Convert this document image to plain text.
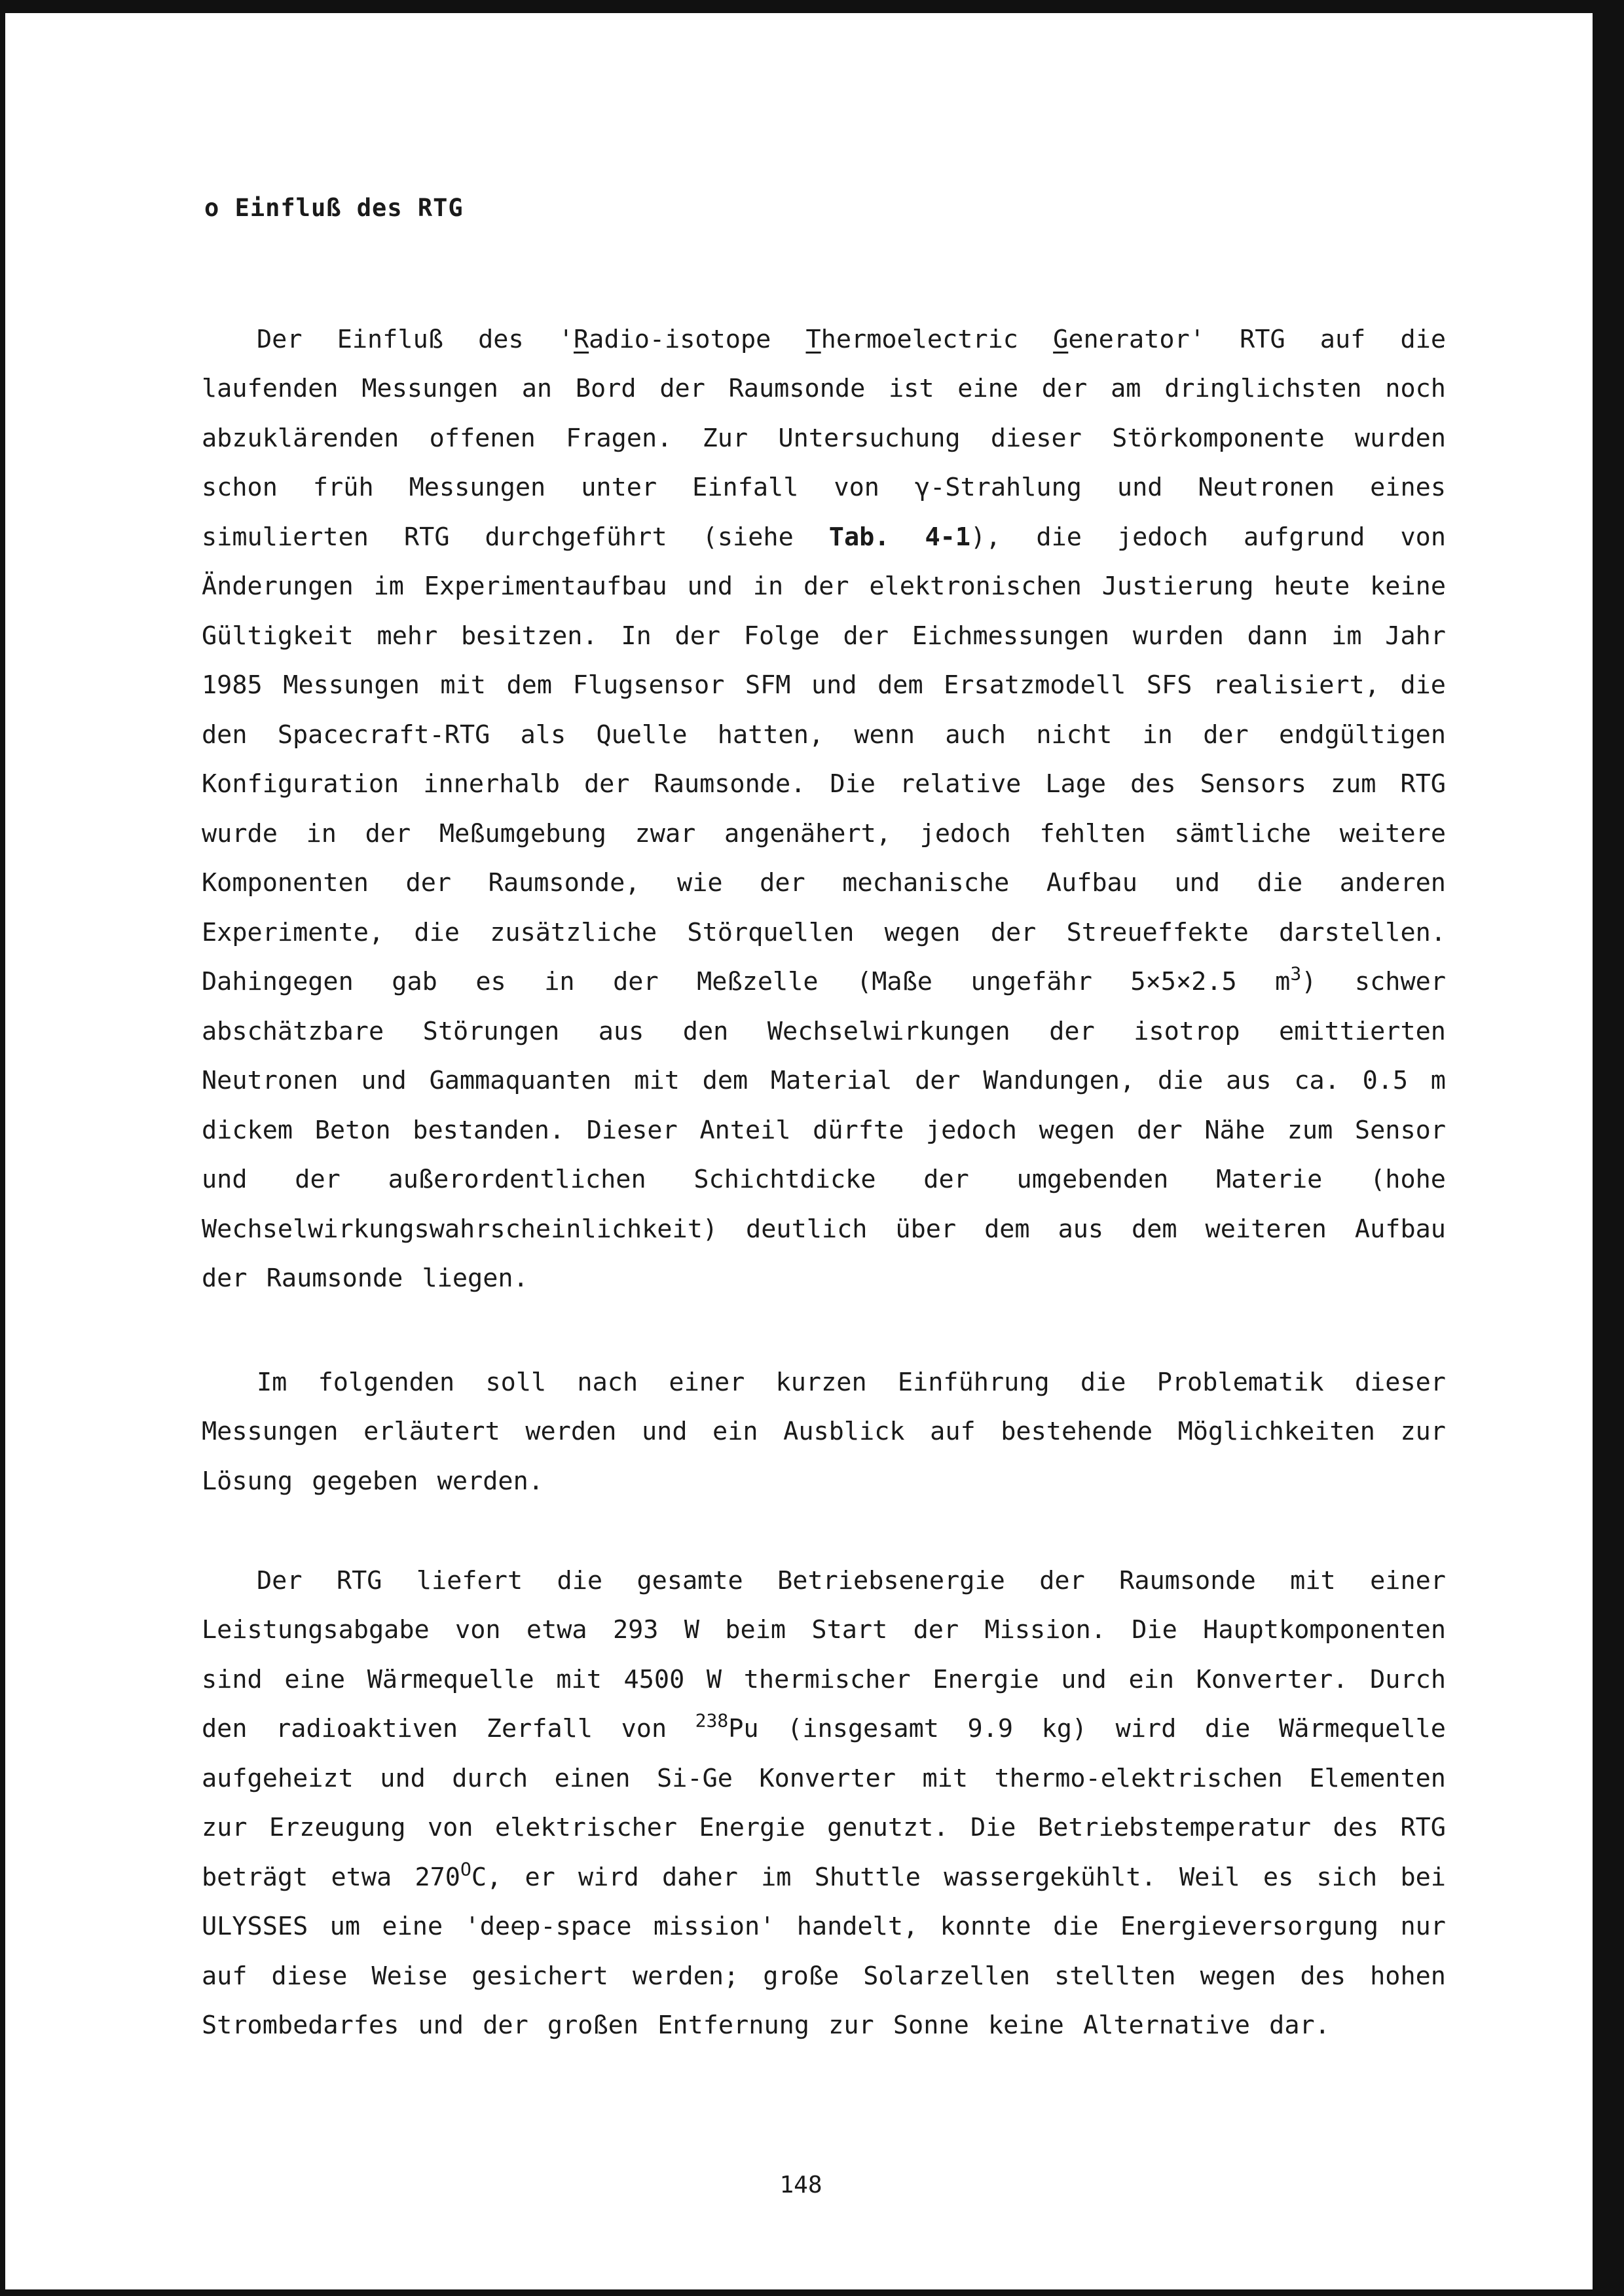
o Einfluß des RTG

Der Einfluß des 'Radio-isotope Thermoelectric Generator' RTG auf die laufenden Messungen an Bord der Raumsonde ist eine der am dringlichsten noch abzuklärenden offenen Fragen. Zur Untersuchung dieser Störkomponente wurden schon früh Messungen unter Einfall von γ-Strahlung und Neutronen eines simulierten RTG durchgeführt (siehe Tab. 4-1), die jedoch aufgrund von Änderungen im Experimentaufbau und in der elektronischen Justierung heute keine Gültigkeit mehr besitzen. In der Folge der Eichmessungen wurden dann im Jahr 1985 Messungen mit dem Flugsensor SFM und dem Ersatzmodell SFS realisiert, die den Spacecraft-RTG als Quelle hatten, wenn auch nicht in der endgültigen Konfiguration innerhalb der Raumsonde. Die relative Lage des Sensors zum RTG wurde in der Meßumgebung zwar angenähert, jedoch fehlten sämtliche weitere Komponenten der Raumsonde, wie der mechanische Aufbau und die anderen Experimente, die zusätzliche Störquellen wegen der Streueffekte darstellen. Dahingegen gab es in der Meßzelle (Maße ungefähr 5×5×2.5 $m^3$) schwer abschätzbare Störungen aus den Wechselwirkungen der isotrop emittierten Neutronen und Gammaquanten mit dem Material der Wandungen, die aus ca. 0.5 m dickem Beton bestanden. Dieser Anteil dürfte jedoch wegen der Nähe zum Sensor und der außerordentlichen Schichtdicke der umgebenden Materie (hohe Wechselwirkungswahrscheinlichkeit) deutlich über dem aus dem weiteren Aufbau der Raumsonde liegen.

Im folgenden soll nach einer kurzen Einführung die Problematik dieser Messungen erläutert werden und ein Ausblick auf bestehende Möglichkeiten zur Lösung gegeben werden.

Der RTG liefert die gesamte Betriebsenergie der Raumsonde mit einer Leistungsabgabe von etwa 293 W beim Start der Mission. Die Hauptkomponenten sind eine Wärmequelle mit 4500 W thermischer Energie und ein Konverter. Durch den radioaktiven Zerfall von $^{238}$Pu (insgesamt 9.9 kg) wird die Wärmequelle aufgeheizt und durch einen Si-Ge Konverter mit thermo-elektrischen Elementen zur Erzeugung von elektrischer Energie genutzt. Die Betriebstemperatur des RTG beträgt etwa $270^OC$, er wird daher im Shuttle wassergekühlt. Weil es sich bei ULYSSES um eine 'deep-space mission' handelt, konnte die Energieversorgung nur auf diese Weise gesichert werden; große Solarzellen stellten wegen des hohen Strombedarfes und der großen Entfernung zur Sonne keine Alternative dar.

148
